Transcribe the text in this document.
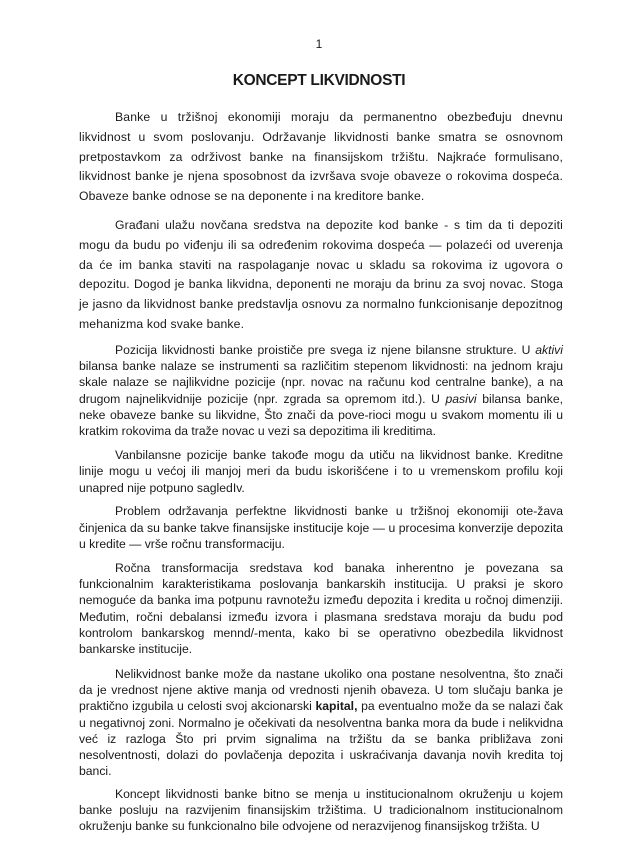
1
KONCEPT LIKVIDNOSTI

Banke u tržišnoj ekonomiji moraju da permanentno obezbeđuju dnevnu likvidnost u svom poslovanju. Održavanje likvidnosti banke smatra se osnovnom pretpostavkom za održivost banke na finansijskom tržištu. Najkraće formulisano, likvidnost banke je njena sposobnost da izvršava svoje obaveze o rokovima dospeća. Obaveze banke odnose se na deponente i na kreditore banke.

Građani ulažu novčana sredstva na depozite kod banke - s tim da ti depoziti mogu da budu po viđenju ili sa određenim rokovima dospeća — polazeći od uverenja da će im banka staviti na raspolaganje novac u skladu sa rokovima iz ugovora o depozitu. Dogod je banka likvidna, deponenti ne moraju da brinu za svoj novac. Stoga je jasno da likvidnost banke predstavlja osnovu za normalno funkcionisanje depozitnog mehanizma kod svake banke.

Pozicija likvidnosti banke proističe pre svega iz njene bilansne strukture. U aktivi bilansa banke nalaze se instrumenti sa različitim stepenom likvidnosti: na jednom kraju skale nalaze se najlikvidne pozicije (npr. novac na računu kod centralne banke), a na drugom najnelikvidnije pozicije (npr. zgrada sa opremom itd.). U pasivi bilansa banke, neke obaveze banke su likvidne, Što znači da pove-rioci mogu u svakom momentu ili u kratkim rokovima da traže novac u vezi sa depozitima ili kreditima.

Vanbilansne pozicije banke takođe mogu da utiču na likvidnost banke. Kreditne linije mogu u većoj ili manjoj meri da budu iskorišćene i to u vremenskom profilu koji unapred nije potpuno sagledIv.

Problem održavanja perfektne likvidnosti banke u tržišnoj ekonomiji ote-žava činjenica da su banke takve finansijske institucije koje — u procesima konverzije depozita u kredite — vrše ročnu transformaciju.

Ročna transformacija sredstava kod banaka inherentno je povezana sa funkcionalnim karakteristikama poslovanja bankarskih institucija. U praksi je skoro nemoguće da banka ima potpunu ravnotežu između depozita i kredita u ročnoj dimenziji. Međutim, ročni debalansi između izvora i plasmana sredstava moraju da budu pod kontrolom bankarskog mennd/-menta, kako bi se operativno obezbedila likvidnost bankarske institucije.

Nelikvidnost banke može da nastane ukoliko ona postane nesolventna, što znači da je vrednost njene aktive manja od vrednosti njenih obaveza. U tom slučaju banka je praktično izgubila u celosti svoj akcionarski kapital, pa eventualno može da se nalazi čak u negativnoj zoni. Normalno je očekivati da nesolventna banka mora da bude i nelikvidna već iz razloga Što pri prvim signalima na tržištu da se banka približava zoni nesolventnosti, dolazi do povlačenja depozita i uskraćivanja davanja novih kredita toj banci.

Koncept likvidnosti banke bitno se menja u institucionalnom okruženju u kojem banke posluju na razvijenim finansijskim tržištima. U tradicionalnom institucionalnom okruženju banke su funkcionalno bile odvojene od nerazvijenog finansijskog tržišta. U
